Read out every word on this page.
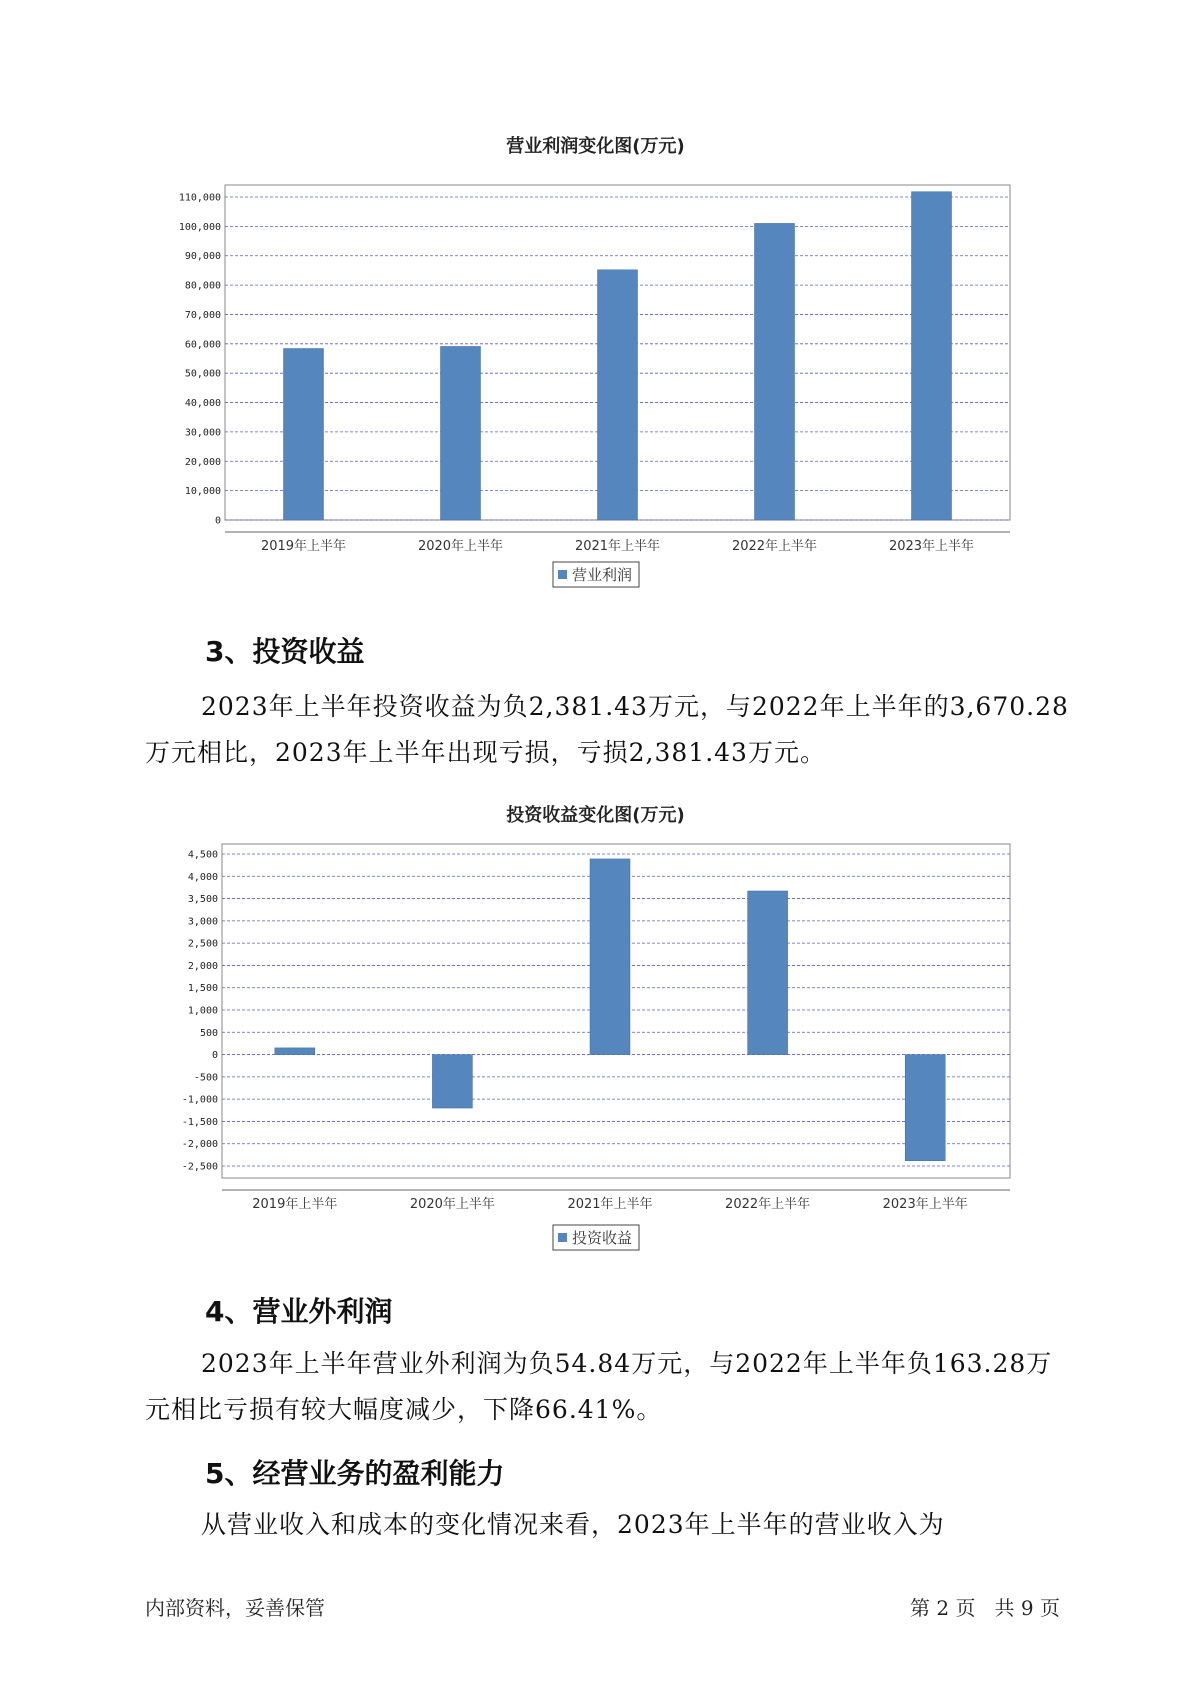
营业利润变化图(万元)
0
10,000
20,000
30,000
40,000
50,000
60,000
70,000
80,000
90,000
100,000
110,000
2019年上半年	2020年上半年	2021年上半年	2022年上半年	2023年上半年
营业利润
3、投资收益

2023年上半年投资收益为负2,381.43万元，与2022年上半年的3,670.28万元相比，2023年上半年出现亏损，亏损2,381.43万元。

投资收益变化图(万元)
-2,500
-2,000
-1,500
-1,000
-500
0
500
1,000
1,500
2,000
2,500
3,000
3,500
4,000
4,500
2019年上半年	2020年上半年	2021年上半年	2022年上半年	2023年上半年
投资收益
4、营业外利润

2023年上半年营业外利润为负54.84万元，与2022年上半年负163.28万元相比亏损有较大幅度减少，下降66.41%。

5、经营业务的盈利能力

从营业收入和成本的变化情况来看，2023年上半年的营业收入为

内部资料，妥善保管	第 2 页   共 9 页
